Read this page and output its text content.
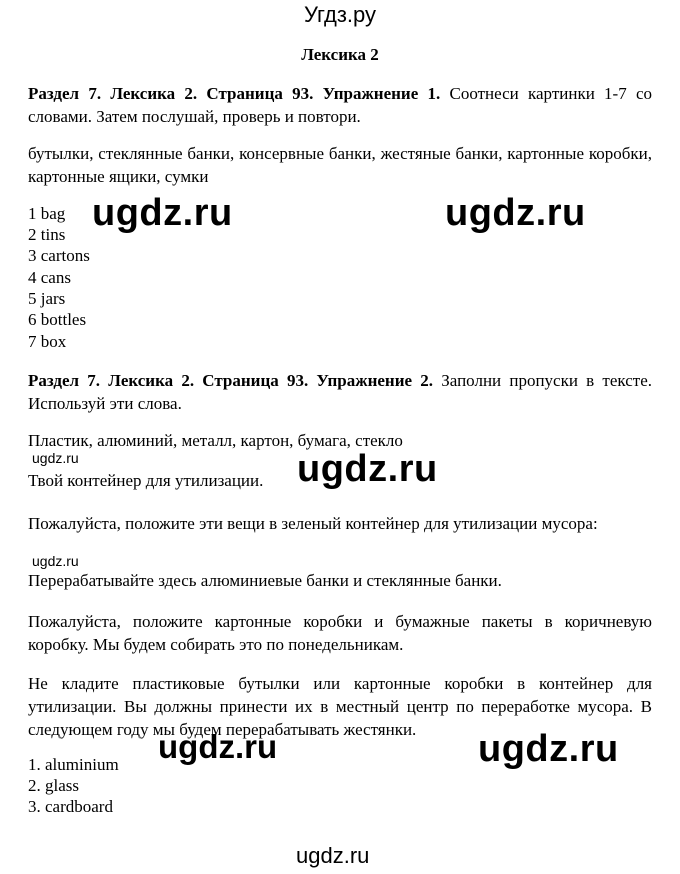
Угдз.ру
Лексика 2
Раздел 7. Лексика 2. Страница 93. Упражнение 1. Соотнеси картинки 1-7 со словами. Затем послушай, проверь и повтори.
бутылки, стеклянные банки, консервные банки, жестяные банки, картонные коробки, картонные ящики, сумки
1 bag
2 tins
3 cartons
4 cans
5 jars
6 bottles
7 box
Раздел 7. Лексика 2. Страница 93. Упражнение 2. Заполни пропуски в тексте. Используй эти слова.
Пластик, алюминий, металл, картон, бумага, стекло
Твой контейнер для утилизации.
Пожалуйста, положите эти вещи в зеленый контейнер для утилизации мусора:
Перерабатывайте здесь алюминиевые банки и стеклянные банки.
Пожалуйста, положите картонные коробки и бумажные пакеты в коричневую коробку. Мы будем собирать это по понедельникам.
Не кладите пластиковые бутылки или картонные коробки в контейнер для утилизации. Вы должны принести их в местный центр по переработке мусора. В следующем году мы будем перерабатывать жестянки.
1. aluminium
2. glass
3. cardboard
ugdz.ru	ugdz.ru
ugdz.ru	ugdz.ru
ugdz.ru
ugdz.ru	ugdz.ru
ugdz.ru
